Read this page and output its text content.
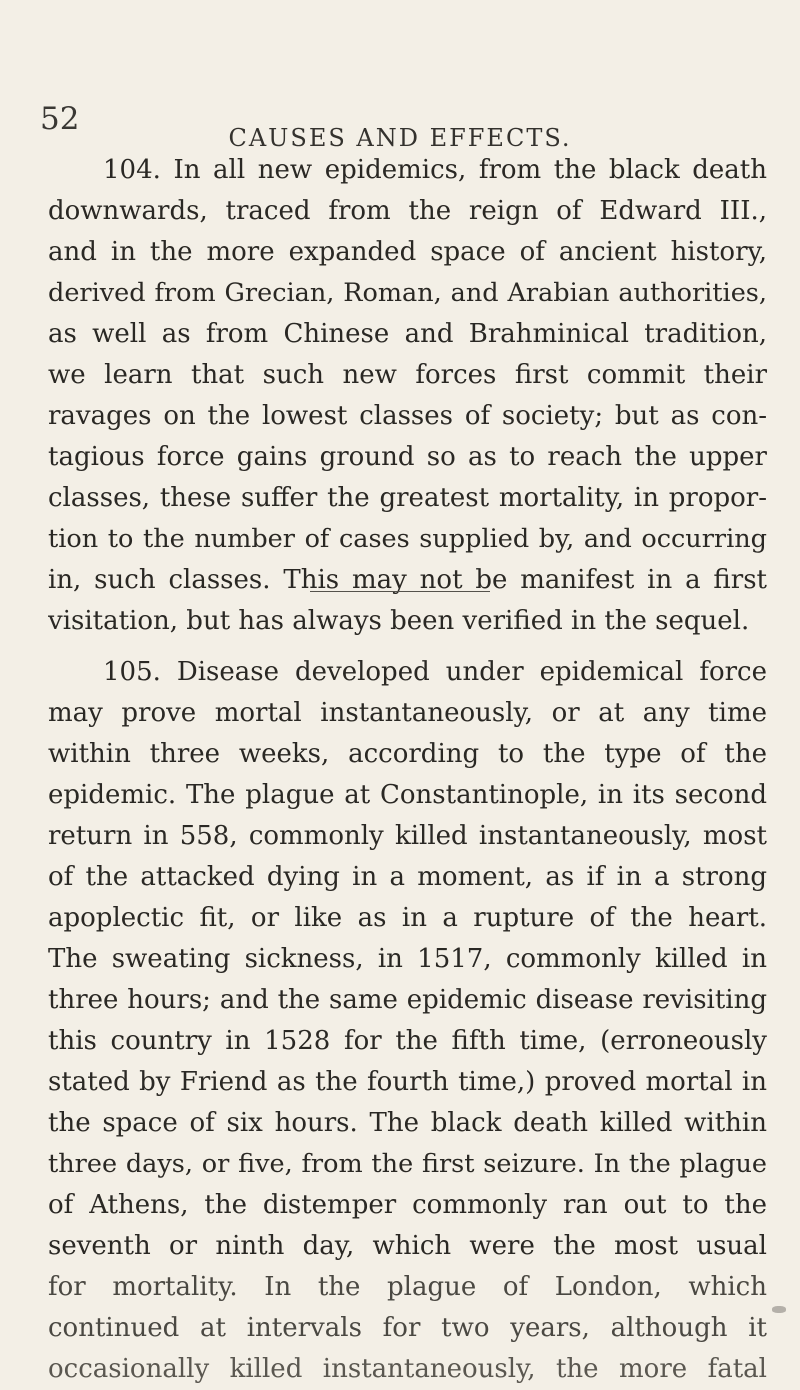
52
CAUSES AND EFFECTS.
104. In all new epidemics, from the black death
downwards, traced from the reign of Edward III.,
and in the more expanded space of ancient history,
derived from Grecian, Roman, and Arabian authorities,
as well as from Chinese and Brahminical tradition,
we learn that such new forces first commit their
ravages on the lowest classes of society; but as con-
tagious force gains ground so as to reach the upper
classes, these suffer the greatest mortality, in propor-
tion to the number of cases supplied by, and occurring
in, such classes. This may not be manifest in a first
visitation, but has always been verified in the sequel.
105. Disease developed under epidemical force
may prove mortal instantaneously, or at any time
within three weeks, according to the type of the
epidemic. The plague at Constantinople, in its second
return in 558, commonly killed instantaneously, most
of the attacked dying in a moment, as if in a strong
apoplectic fit, or like as in a rupture of the heart.
The sweating sickness, in 1517, commonly killed in
three hours; and the same epidemic disease revisiting
this country in 1528 for the fifth time, (erroneously
stated by Friend as the fourth time,) proved mortal in
the space of six hours. The black death killed within
three days, or five, from the first seizure. In the plague
of Athens, the distemper commonly ran out to the
seventh or ninth day, which were the most usual
for mortality. In the plague of London, which
continued at intervals for two years, although it
occasionally killed instantaneously, the more fatal
